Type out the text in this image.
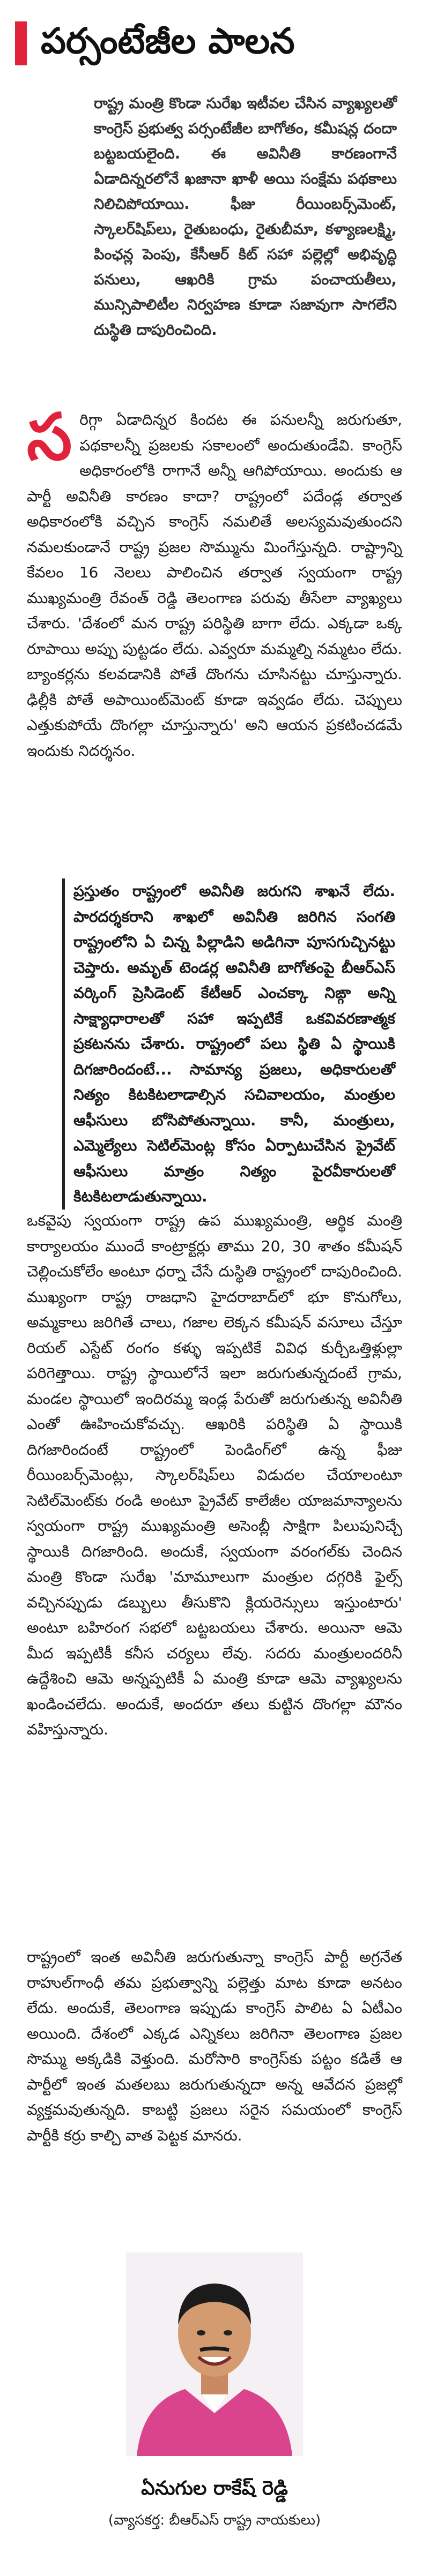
పర్సంటేజీల పాలన

రాష్ట్ర మంత్రి కొండా సురేఖ ఇటీవల చేసిన వ్యాఖ్యలతో కాంగ్రెస్ ప్రభుత్వ పర్సంటేజీల బాగోతం, కమీషన్ల దందా బట్టబయలైంది. ఈ అవినీతి కారణంగానే ఏడాదిన్నరలోనే ఖజానా ఖాళీ అయి సంక్షేమ పథకాలు నిలిచిపోయాయి. ఫీజు రీయింబర్స్‌మెంట్, స్కాలర్‌షిప్‌లు, రైతుబంధు, రైతుబీమా, కళ్యాణలక్ష్మి, పింఛన్ల పెంపు, కేసీఆర్ కిట్ సహా పల్లెల్లో అభివృద్ధి పనులు, ఆఖరికి గ్రామ పంచాయతీలు, మున్సిపాలిటీల నిర్వహణ కూడా సజావుగా సాగలేని దుస్థితి దాపురించింది.

స రిగ్గా ఏడాదిన్నర కిందట ఈ పనులన్నీ జరుగుతూ, పథకాలన్నీ ప్రజలకు సకాలంలో అందుతుండేవి. కాంగ్రెస్ అధికారంలోకి రాగానే అన్నీ ఆగిపోయాయి. అందుకు ఆ పార్టీ అవినీతి కారణం కాదా? రాష్ట్రంలో పదేండ్ల తర్వాత అధికారంలోకి వచ్చిన కాంగ్రెస్ నమలితే అలస్యమవుతుందని నమలకుండానే రాష్ట్ర ప్రజల సొమ్మును మింగేస్తున్నది. రాష్ట్రాన్ని కేవలం 16 నెలలు పాలించిన తర్వాత స్వయంగా రాష్ట్ర ముఖ్యమంత్రి రేవంత్ రెడ్డి తెలంగాణ పరువు తీసేలా వ్యాఖ్యలు చేశారు. 'దేశంలో మన రాష్ట్ర పరిస్థితి బాగా లేదు. ఎక్కడా ఒక్క రూపాయి అప్పు పుట్టడం లేదు. ఎవ్వరూ మమ్మల్ని నమ్మటం లేదు. బ్యాంకర్లను కలవడానికి పోతే దొంగను చూసినట్టు చూస్తున్నారు. ఢిల్లీకి పోతే అపాయింట్‌మెంట్ కూడా ఇవ్వడం లేదు. చెప్పులు ఎత్తుకుపోయే దొంగల్లా చూస్తున్నారు' అని ఆయన ప్రకటించడమే ఇందుకు నిదర్శనం.

ప్రస్తుతం రాష్ట్రంలో అవినీతి జరుగని శాఖనే లేదు. పారదర్శకరాని శాఖలో అవినీతి జరిగిన సంగతి రాష్ట్రంలోని ఏ చిన్న పిల్లాడిని అడిగినా పూసగుచ్చినట్టు చెప్తారు. అమృత్ టెండర్ల అవినీతి బాగోతంపై బీఆర్‌ఎస్ వర్కింగ్ ప్రెసిడెంట్ కేటీఆర్ ఎంచక్కా నిఙ్గా అన్ని సాక్ష్యాధారాలతో సహా ఇప్పటికే ఒకవివరణాత్మక ప్రకటనను చేశారు. రాష్ట్రంలో పలు స్థితి ఏ స్థాయికి దిగజారిందంటే... సామాన్య ప్రజలు, అధికారులతో నిత్యం కిటకిటలాడాల్సిన సచివాలయం, మంత్రుల ఆఫీసులు బోసిపోతున్నాయి. కానీ, మంత్రులు, ఎమ్మెల్యేలు సెటిల్‌మెంట్ల కోసం ఏర్పాటుచేసిన ప్రైవేట్ ఆఫీసులు మాత్రం నిత్యం పైరవీకారులతో కిటకిటలాడుతున్నాయి.

ఒకవైపు స్వయంగా రాష్ట్ర ఉప ముఖ్యమంత్రి, ఆర్థిక మంత్రి కార్యాలయం ముందే కాంట్రాక్టర్లు తాము 20, 30 శాతం కమీషన్ చెల్లించుకోలేం అంటూ ధర్నా చేసే దుస్థితి రాష్ట్రంలో దాపురించింది. ముఖ్యంగా రాష్ట్ర రాజధాని హైదరాబాద్‌లో భూ కొనుగోలు, అమ్మకాలు జరిగితే చాలు, గజాల లెక్కన కమీషన్ వసూలు చేస్తూ రియల్ ఎస్టేట్ రంగం కళ్ళు ఇప్పటికే వివిధ కుర్చీఒత్తిళ్లుల్లా పరిగెత్తాయి. రాష్ట్ర స్థాయిలోనే ఇలా జరుగుతున్నదంటే గ్రామ, మండల స్థాయిలో ఇందిరమ్మ ఇండ్ల పేరుతో జరుగుతున్న అవినీతి ఎంతో ఊహించుకోవచ్చు. ఆఖరికి పరిస్థితి ఏ స్థాయికి దిగజారిందంటే రాష్ట్రంలో పెండింగ్‌లో ఉన్న ఫీజు రీయింబర్స్‌మెంట్లు, స్కాలర్‌షిప్‌లు విడుదల చేయాలంటూ సెటిల్‌మెంట్‌కు రండి అంటూ ప్రైవేట్ కాలేజీల యాజమాన్యాలను స్వయంగా రాష్ట్ర ముఖ్యమంత్రి అసెంబ్లీ సాక్షిగా పిలుపునిచ్చే స్థాయికి దిగజారింది. అందుకే, స్వయంగా వరంగల్‌కు చెందిన మంత్రి కొండా సురేఖ 'మామూలుగా మంత్రుల దగ్గరికి ఫైల్స్ వచ్చినప్పుడు డబ్బులు తీసుకొని క్లియరెన్సులు ఇస్తుంటారు' అంటూ బహిరంగ సభలో బట్టబయలు చేశారు. అయినా ఆమె మీద ఇప్పటికీ కనీస చర్యలు లేవు. సదరు మంత్రులందరినీ ఉద్దేశించి ఆమె అన్నప్పటికీ ఏ మంత్రి కూడా ఆమె వ్యాఖ్యలను ఖండించలేదు. అందుకే, అందరూ తలు కుట్టిన దొంగల్లా మౌనం వహిస్తున్నారు.

రాష్ట్రంలో ఇంత అవినీతి జరుగుతున్నా కాంగ్రెస్ పార్టీ అగ్రనేత రాహుల్‌గాంధీ తమ ప్రభుత్వాన్ని పల్లెత్తు మాట కూడా అనటం లేదు. అందుకే, తెలంగాణ ఇప్పుడు కాంగ్రెస్ పాలిట ఏ ఏటీఎం అయింది. దేశంలో ఎక్కడ ఎన్నికలు జరిగినా తెలంగాణ ప్రజల సొమ్ము అక్కడికి వెళ్తుంది. మరోసారి కాంగ్రెస్‌కు పట్టం కడితే ఆ పార్టీలో ఇంత మతలబు జరుగుతున్నదా అన్న ఆవేదన ప్రజల్లో వ్యక్తమవుతున్నది. కాబట్టి ప్రజలు సరైన సమయంలో కాంగ్రెస్ పార్టీకి కర్రు కాల్చి వాత పెట్టక మానరు.

ఏనుగుల రాకేష్ రెడ్డి
(వ్యాసకర్త: బీఆర్‌ఎస్ రాష్ట్ర నాయకులు)
